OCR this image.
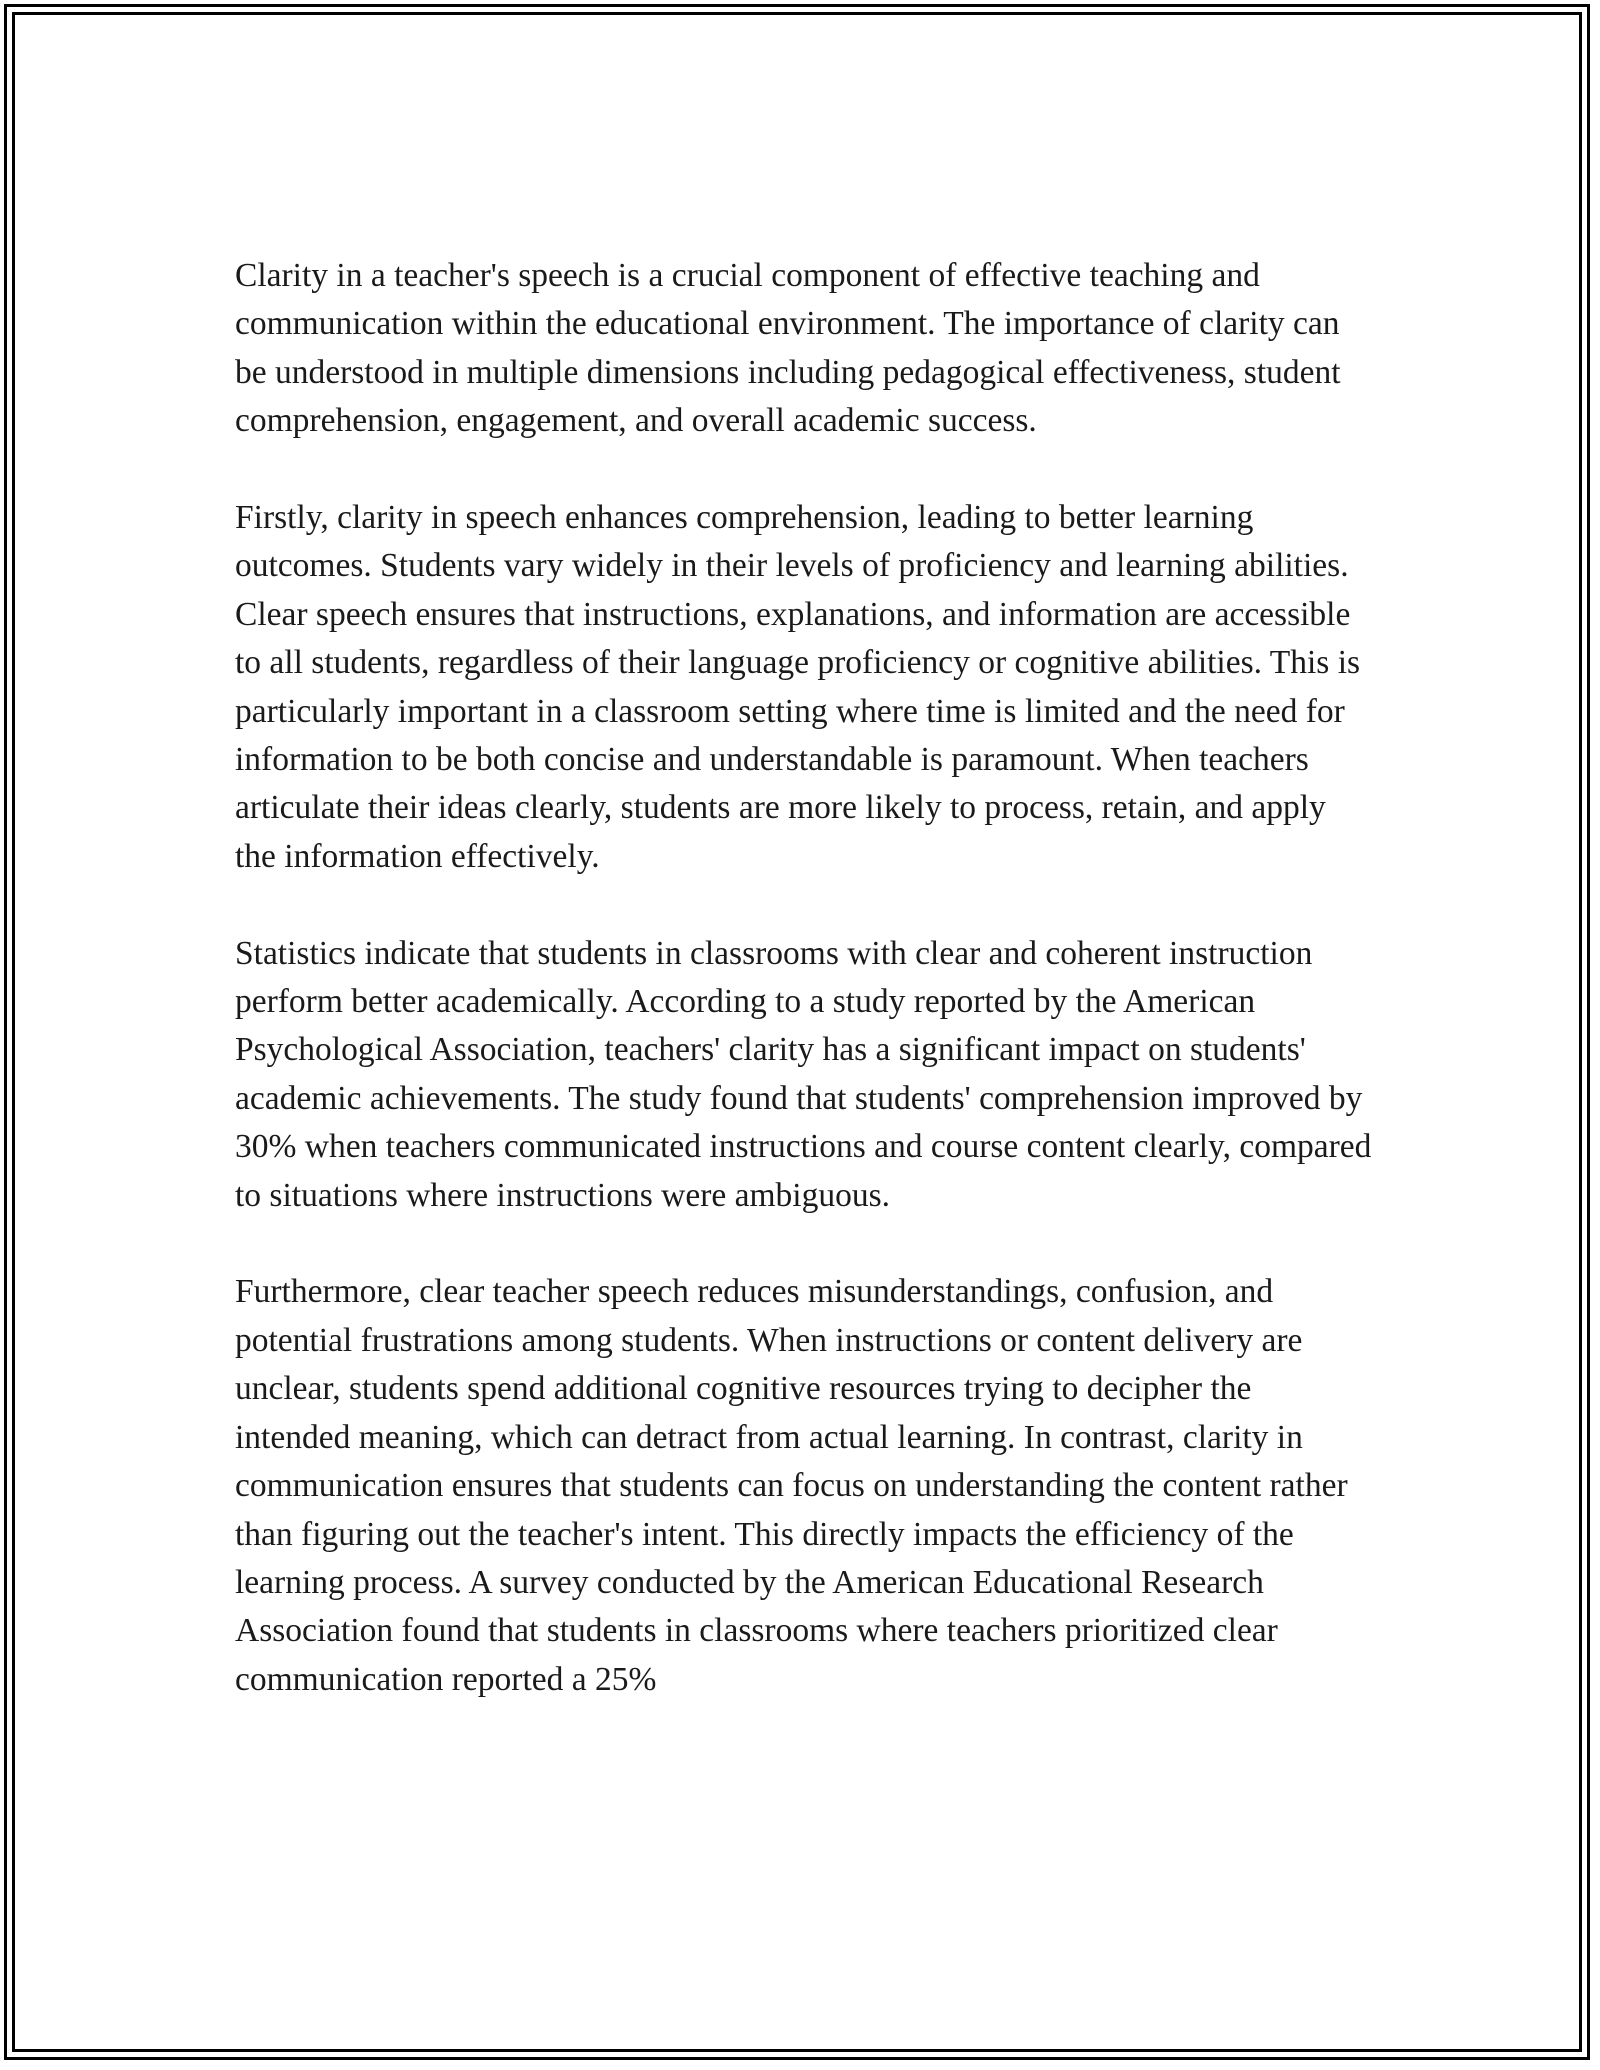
Clarity in a teacher's speech is a crucial component of effective teaching and communication within the educational environment. The importance of clarity can be understood in multiple dimensions including pedagogical effectiveness, student comprehension, engagement, and overall academic success.

Firstly, clarity in speech enhances comprehension, leading to better learning outcomes. Students vary widely in their levels of proficiency and learning abilities. Clear speech ensures that instructions, explanations, and information are accessible to all students, regardless of their language proficiency or cognitive abilities. This is particularly important in a classroom setting where time is limited and the need for information to be both concise and understandable is paramount. When teachers articulate their ideas clearly, students are more likely to process, retain, and apply the information effectively.

Statistics indicate that students in classrooms with clear and coherent instruction perform better academically. According to a study reported by the American Psychological Association, teachers' clarity has a significant impact on students' academic achievements. The study found that students' comprehension improved by 30% when teachers communicated instructions and course content clearly, compared to situations where instructions were ambiguous.

Furthermore, clear teacher speech reduces misunderstandings, confusion, and potential frustrations among students. When instructions or content delivery are unclear, students spend additional cognitive resources trying to decipher the intended meaning, which can detract from actual learning. In contrast, clarity in communication ensures that students can focus on understanding the content rather than figuring out the teacher's intent. This directly impacts the efficiency of the learning process. A survey conducted by the American Educational Research Association found that students in classrooms where teachers prioritized clear communication reported a 25%
